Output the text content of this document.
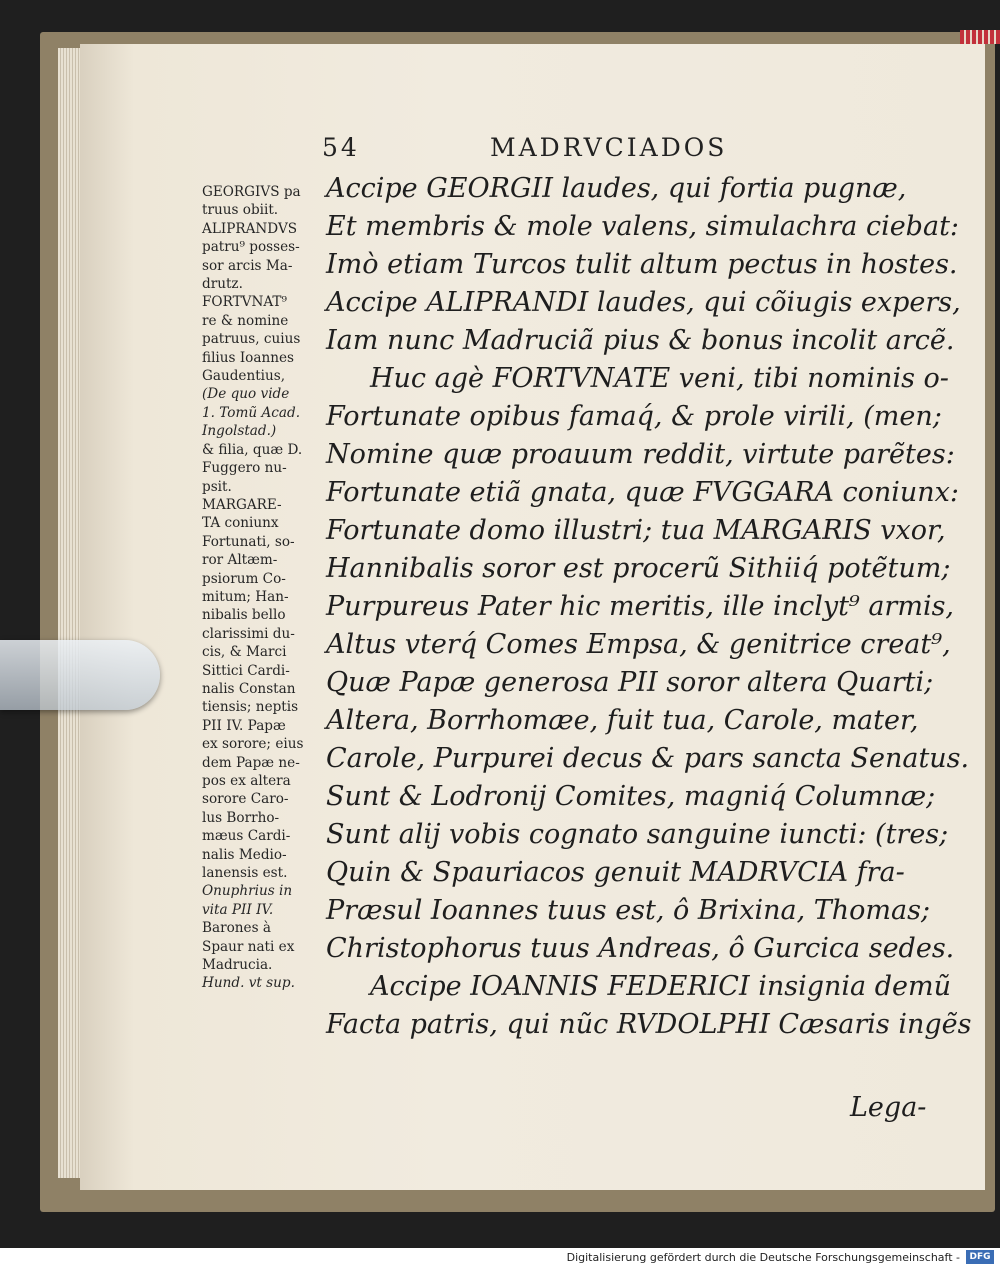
54	MADRVCIADOS
GEORGIVS pa
truus obiit.
ALIPRANDVS
patru⁹ posses-
sor arcis Ma-
drutz.
FORTVNAT⁹
re & nomine
patruus, cuius
filius Ioannes
Gaudentius,
(De quo vide
1. Tomũ Acad.
Ingolstad.)
& filia, quæ D.
Fuggero nu-
psit.
MARGARE-
TA coniunx
Fortunati, so-
ror Altæm-
psiorum Co-
mitum; Han-
nibalis bello
clarissimi du-
cis, & Marci
Sittici Cardi-
nalis Constan
tiensis; neptis
PII IV. Papæ
ex sorore; eius
dem Papæ ne-
pos ex altera
sorore Caro-
lus Borrho-
mæus Cardi-
nalis Medio-
lanensis est.
Onuphrius in
vita PII IV.
Barones à
Spaur nati ex
Madrucia.
Hund. vt sup.
Accipe GEORGII laudes, qui fortia pugnæ,
Et membris & mole valens, simulachra ciebat:
Imò etiam Turcos tulit altum pectus in hostes.
Accipe ALIPRANDI laudes, qui cõiugis expers,
Iam nunc Madruciã pius & bonus incolit arcẽ.
Huc agè FORTVNATE veni, tibi nominis o-
Fortunate opibus famaq́, & prole virili, (men;
Nomine quæ proauum reddit, virtute parẽtes:
Fortunate etiã gnata, quæ FVGGARA coniunx:
Fortunate domo illustri; tua MARGARIS vxor,
Hannibalis soror est procerũ Sithiiq́ potẽtum;
Purpureus Pater hic meritis, ille inclyt⁹ armis,
Altus vterq́ Comes Empsa, & genitrice creat⁹,
Quæ Papæ generosa PII soror altera Quarti;
Altera, Borrhomæe, fuit tua, Carole, mater,
Carole, Purpurei decus & pars sancta Senatus.
Sunt & Lodronij Comites, magniq́ Columnæ;
Sunt alij vobis cognato sanguine iuncti: (tres;
Quin & Spauriacos genuit MADRVCIA fra-
Præsul Ioannes tuus est, ô Brixina, Thomas;
Christophorus tuus Andreas, ô Gurcica sedes.
Accipe IOANNIS FEDERICI insignia demũ
Facta patris, qui nũc RVDOLPHI Cæsaris ingẽs
Lega-
Digitalisierung gefördert durch die Deutsche Forschungsgemeinschaft -	DFG
